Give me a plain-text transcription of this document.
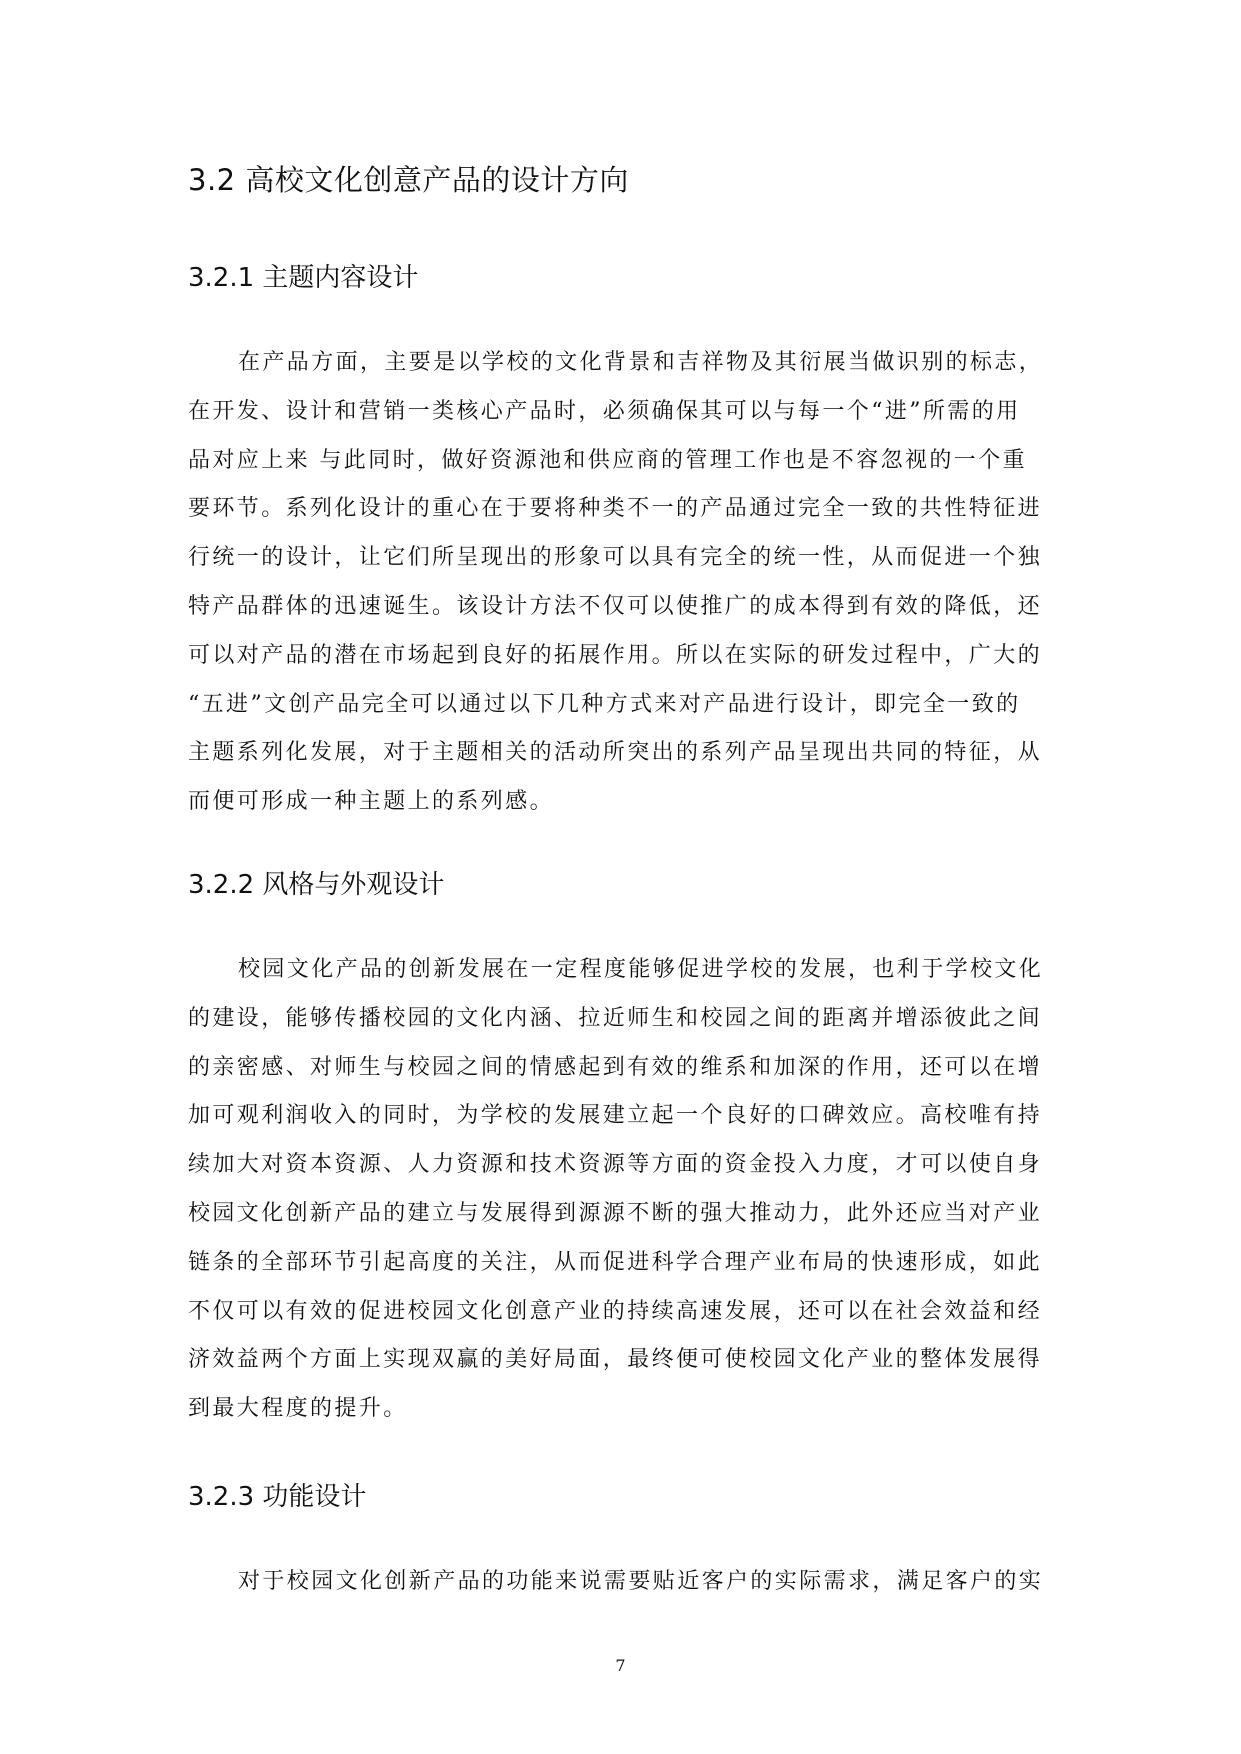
3.2 高校文化创意产品的设计方向
3.2.1 主题内容设计
在产品方面，主要是以学校的文化背景和吉祥物及其衍展当做识别的标志，
在开发、设计和营销一类核心产品时，必须确保其可以与每一个“进”所需的用
品对应上来 与此同时，做好资源池和供应商的管理工作也是不容忽视的一个重
要环节。系列化设计的重心在于要将种类不一的产品通过完全一致的共性特征进
行统一的设计，让它们所呈现出的形象可以具有完全的统一性，从而促进一个独
特产品群体的迅速诞生。该设计方法不仅可以使推广的成本得到有效的降低，还
可以对产品的潜在市场起到良好的拓展作用。所以在实际的研发过程中，广大的
“五进”文创产品完全可以通过以下几种方式来对产品进行设计，即完全一致的
主题系列化发展，对于主题相关的活动所突出的系列产品呈现出共同的特征，从
而便可形成一种主题上的系列感。
3.2.2 风格与外观设计
校园文化产品的创新发展在一定程度能够促进学校的发展，也利于学校文化
的建设，能够传播校园的文化内涵、拉近师生和校园之间的距离并增添彼此之间
的亲密感、对师生与校园之间的情感起到有效的维系和加深的作用，还可以在增
加可观利润收入的同时，为学校的发展建立起一个良好的口碑效应。高校唯有持
续加大对资本资源、人力资源和技术资源等方面的资金投入力度，才可以使自身
校园文化创新产品的建立与发展得到源源不断的强大推动力，此外还应当对产业
链条的全部环节引起高度的关注，从而促进科学合理产业布局的快速形成，如此
不仅可以有效的促进校园文化创意产业的持续高速发展，还可以在社会效益和经
济效益两个方面上实现双赢的美好局面，最终便可使校园文化产业的整体发展得
到最大程度的提升。
3.2.3 功能设计
对于校园文化创新产品的功能来说需要贴近客户的实际需求，满足客户的实
7
